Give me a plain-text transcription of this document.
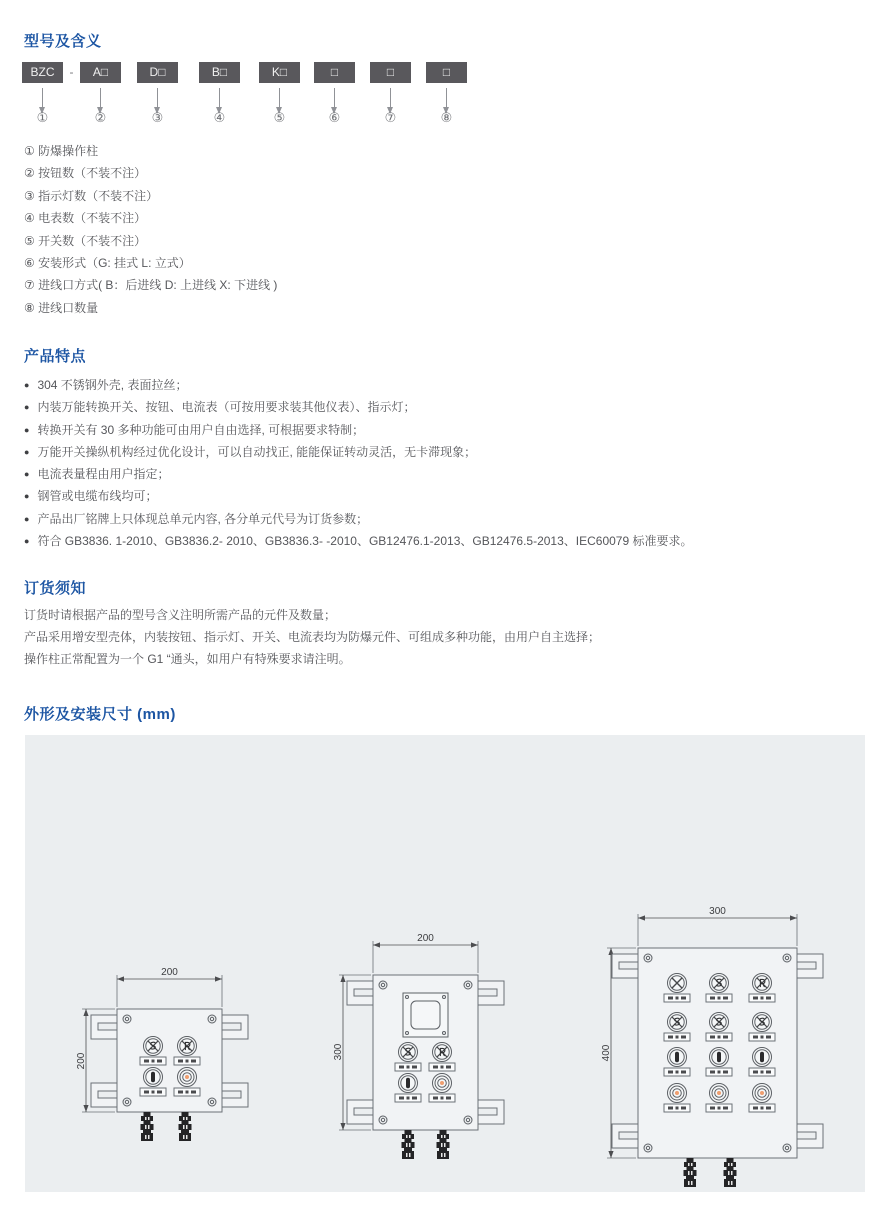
型号及含义
BZC	-	A□	D□	B□	K□	□	□	□
①	②	③	④	⑤	⑥	⑦	⑧

① 防爆操作柱

② 按钮数（不装不注）

③ 指示灯数（不装不注）

④ 电表数（不装不注）

⑤ 开关数（不装不注）

⑥ 安装形式（G: 挂式 L: 立式）

⑦ 进线口方式( B：后进线 D: 上进线 X: 下进线 )

⑧ 进线口数量

产品特点
● 304 不锈钢外壳, 表面拉丝；
● 内装万能转换开关、按钮、电流表（可按用要求装其他仪表）、指示灯；
● 转换开关有 30 多种功能可由用户自由选择, 可根据要求特制；
● 万能开关操纵机构经过优化设计，可以自动找正, 能能保证转动灵活，无卡滞现象；
● 电流表量程由用户指定；
● 钢管或电缆布线均可；
● 产品出厂铭牌上只体现总单元内容, 各分单元代号为订货参数；
● 符合 GB3836. 1-2010、GB3836.2- 2010、GB3836.3- -2010、GB12476.1-2013、GB12476.5-2013、IEC60079 标准要求。
订货须知

订货时请根据产品的型号含义注明所需产品的元件及数量；

产品采用增安型壳体，内装按钮、指示灯、开关、电流表均为防爆元件、可组成多种功能，由用户自主选择；

操作柱正常配置为一个 G1 “通头，如用户有特殊要求请注明。

外形及安装尺寸 (mm)
200
200
200
300
300
400
